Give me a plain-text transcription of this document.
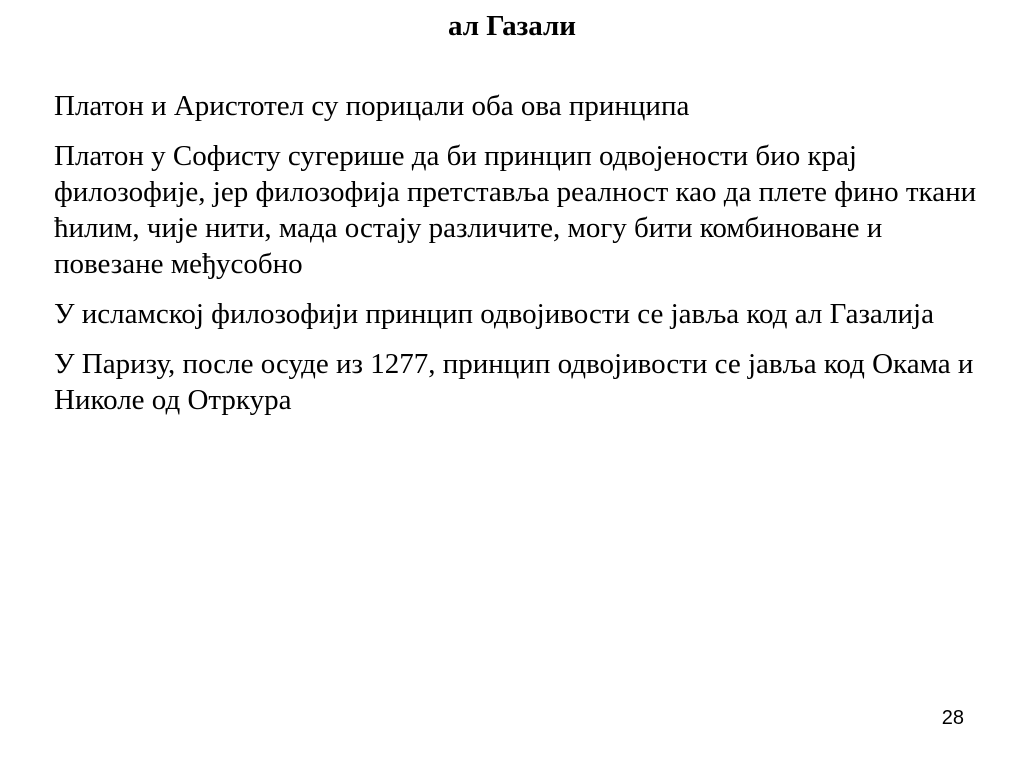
ал Газали

Платон и Аристотел су порицали оба ова принципа

Платон у Софисту сугерише да би принцип одвојености био крај филозофије, јер филозофија претставља реалност као да плете фино ткани ћилим, чије нити, мада остају различите, могу бити комбиноване и повезане међусобно

У исламској филозофији принцип одвојивости се јавља код ал Газалија

У Паризу, после осуде из 1277, принцип одвојивости се јавља код Окама и Николе од Отркура

28
